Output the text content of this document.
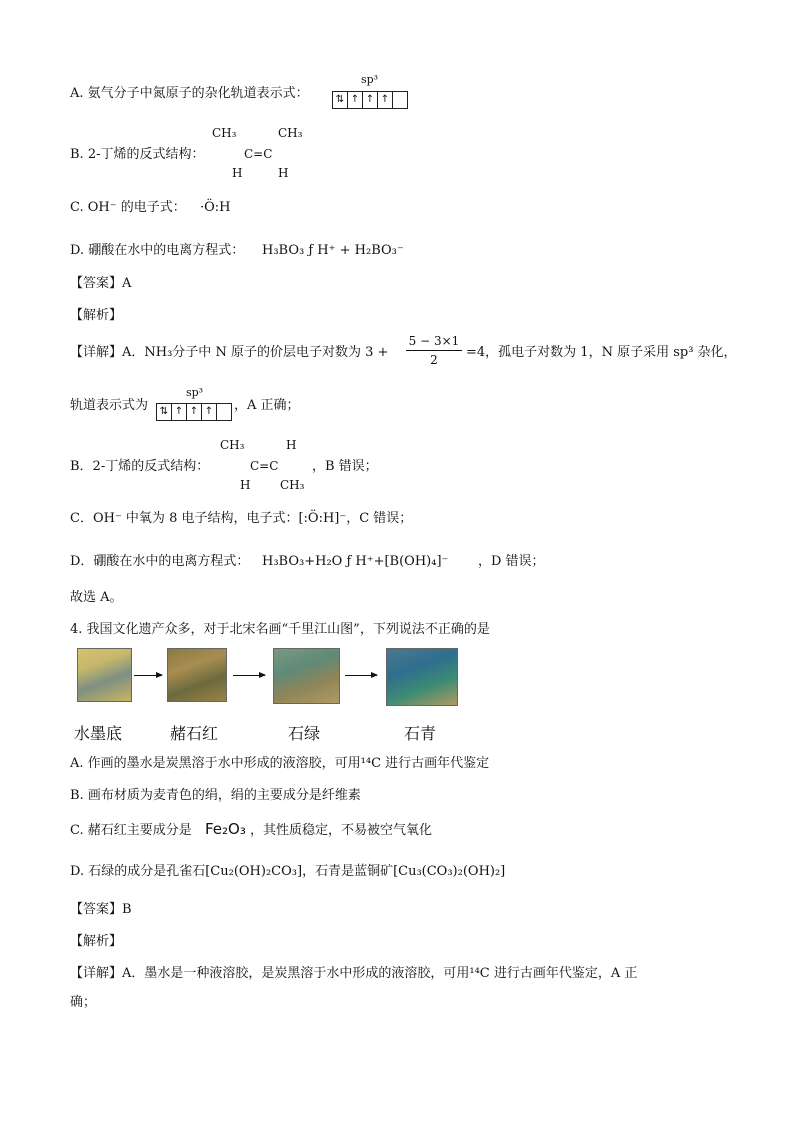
A. 氨气分子中氮原子的杂化轨道表示式：
sp³
⇅ ↑ ↑ ↑
B. 2-丁烯的反式结构：
CH₃	CH₃
C=C
H	H
C. OH⁻ 的电子式： ·Ö:H
D. 硼酸在水中的电离方程式： H₃BO₃ ƒ H⁺ + H₂BO₃⁻
【答案】A
【解析】
【详解】A．NH₃分子中 N 原子的价层电子对数为 3 +
5 − 3×1
2	=4，孤电子对数为 1，N 原子采用 sp³ 杂化，
轨道表示式为
sp³
⇅ ↑ ↑ ↑ ，A 正确；
B．2-丁烯的反式结构：
CH₃	H
C=C
H CH₃
，B 错误；
C．OH⁻ 中氧为 8 电子结构，电子式：[:Ö:H]⁻，C 错误；
D．硼酸在水中的电离方程式： H₃BO₃+H₂O ƒ H⁺+[B(OH)₄]⁻ ，D 错误；
故选 A。
4. 我国文化遗产众多，对于北宋名画“千里江山图”，下列说法不正确的是
水墨底	赭石红	石绿	石青
A. 作画的墨水是炭黑溶于水中形成的液溶胶，可用¹⁴C 进行古画年代鉴定
B. 画布材质为麦青色的绢，绢的主要成分是纤维素
C. 赭石红主要成分是 Fe₂O₃ ，其性质稳定，不易被空气氧化
D. 石绿的成分是孔雀石[Cu₂(OH)₂CO₃]，石青是蓝铜矿[Cu₃(CO₃)₂(OH)₂]
【答案】B
【解析】
【详解】A．墨水是一种液溶胶，是炭黑溶于水中形成的液溶胶，可用¹⁴C 进行古画年代鉴定，A 正
确；
